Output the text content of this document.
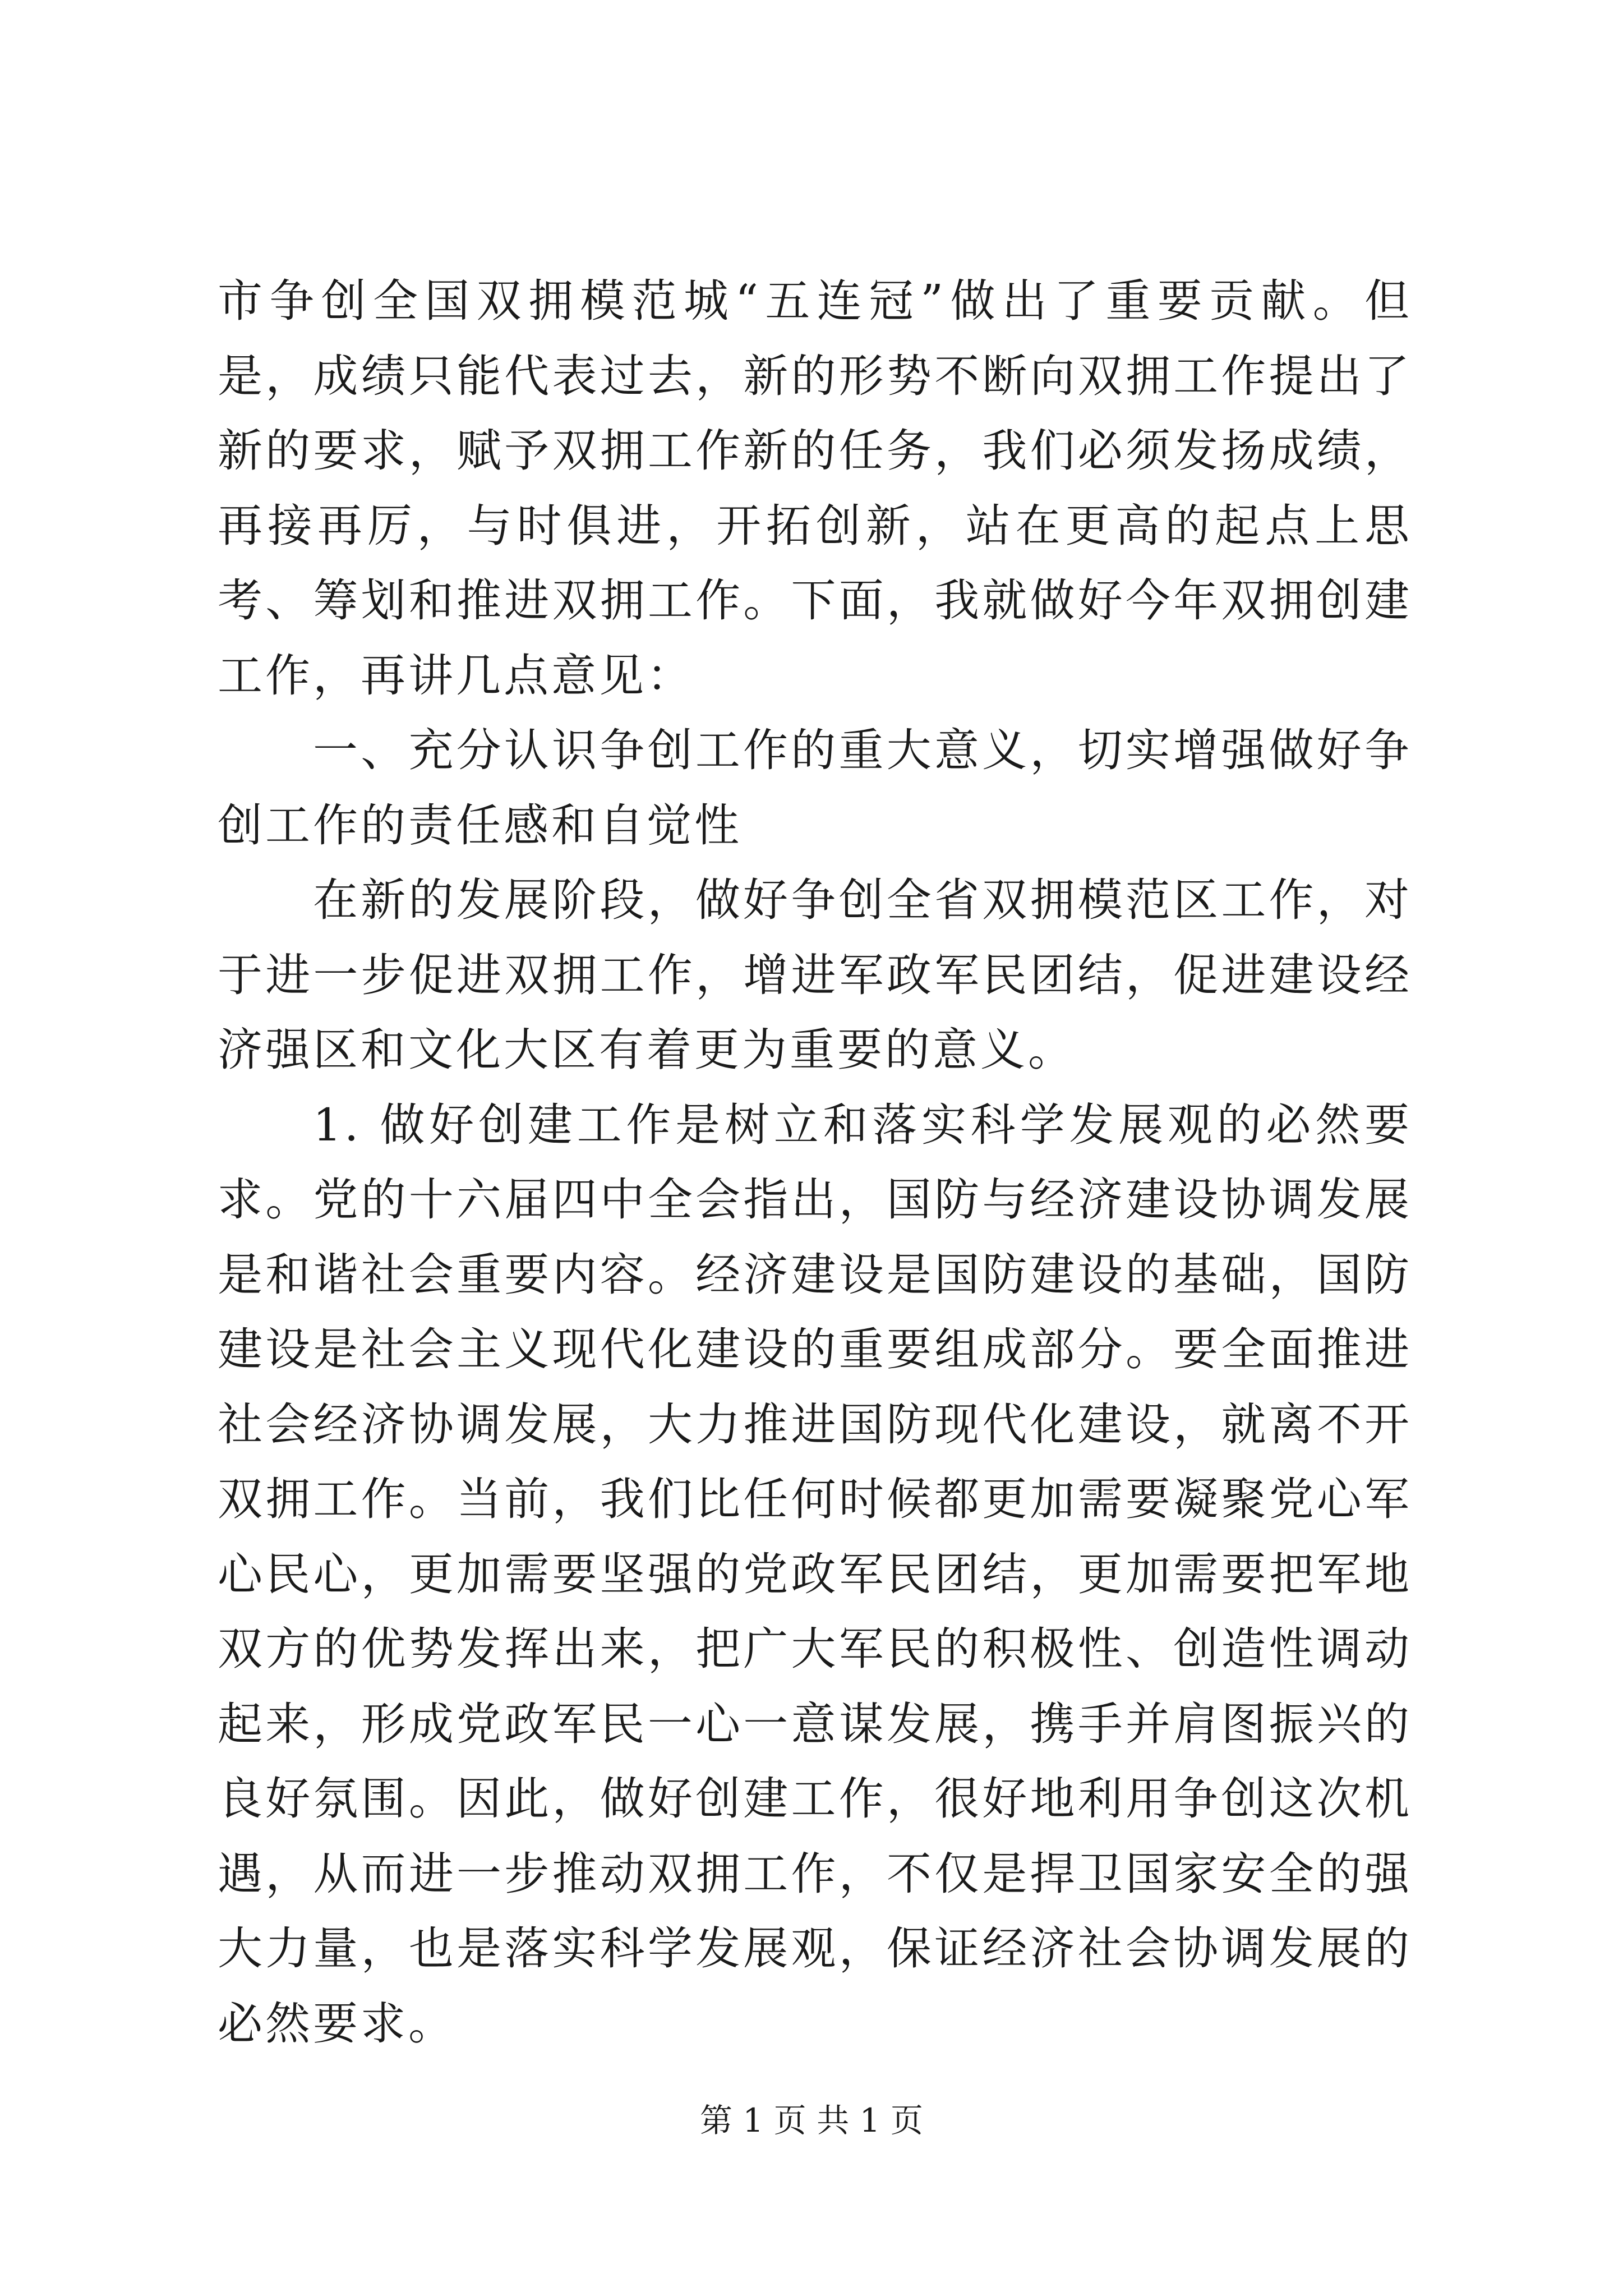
市争创全国双拥模范城“五连冠”做出了重要贡献。但是，成绩只能代表过去，新的形势不断向双拥工作提出了新的要求，赋予双拥工作新的任务，我们必须发扬成绩，再接再厉，与时俱进，开拓创新，站在更高的起点上思考、筹划和推进双拥工作。下面，我就做好今年双拥创建工作，再讲几点意见：

一、充分认识争创工作的重大意义，切实增强做好争创工作的责任感和自觉性

在新的发展阶段，做好争创全省双拥模范区工作，对于进一步促进双拥工作，增进军政军民团结，促进建设经济强区和文化大区有着更为重要的意义。

1. 做好创建工作是树立和落实科学发展观的必然要求。党的十六届四中全会指出，国防与经济建设协调发展是和谐社会重要内容。经济建设是国防建设的基础，国防建设是社会主义现代化建设的重要组成部分。要全面推进社会经济协调发展，大力推进国防现代化建设，就离不开双拥工作。当前，我们比任何时候都更加需要凝聚党心军心民心，更加需要坚强的党政军民团结，更加需要把军地双方的优势发挥出来，把广大军民的积极性、创造性调动起来，形成党政军民一心一意谋发展，携手并肩图振兴的良好氛围。因此，做好创建工作，很好地利用争创这次机遇，从而进一步推动双拥工作，不仅是捍卫国家安全的强大力量，也是落实科学发展观，保证经济社会协调发展的必然要求。

第 1 页 共 1 页
